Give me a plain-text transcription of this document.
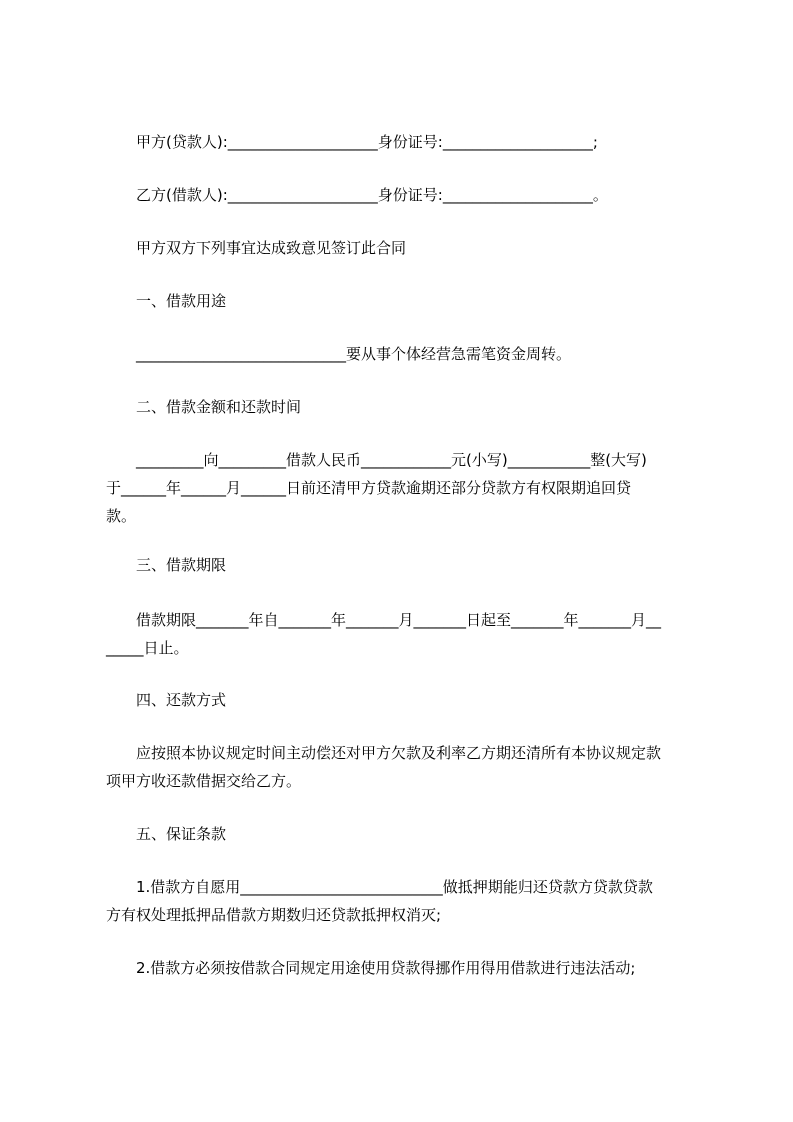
甲方(贷款人):____________________身份证号:____________________;
乙方(借款人):____________________身份证号:____________________。
甲方双方下列事宜达成致意见签订此合同
一、借款用途
____________________________要从事个体经营急需笔资金周转。
二、借款金额和还款时间
_________向_________借款人民币____________元(小写)___________整(大写)
于______年______月______日前还清甲方贷款逾期还部分贷款方有权限期追回贷
款。
三、借款期限
借款期限_______年自_______年_______月_______日起至_______年_______月__
_____日止。
四、还款方式
应按照本协议规定时间主动偿还对甲方欠款及利率乙方期还清所有本协议规定款
项甲方收还款借据交给乙方。
五、保证条款
1.借款方自愿用___________________________做抵押期能归还贷款方贷款贷款
方有权处理抵押品借款方期数归还贷款抵押权消灭;
2.借款方必须按借款合同规定用途使用贷款得挪作用得用借款进行违法活动;
